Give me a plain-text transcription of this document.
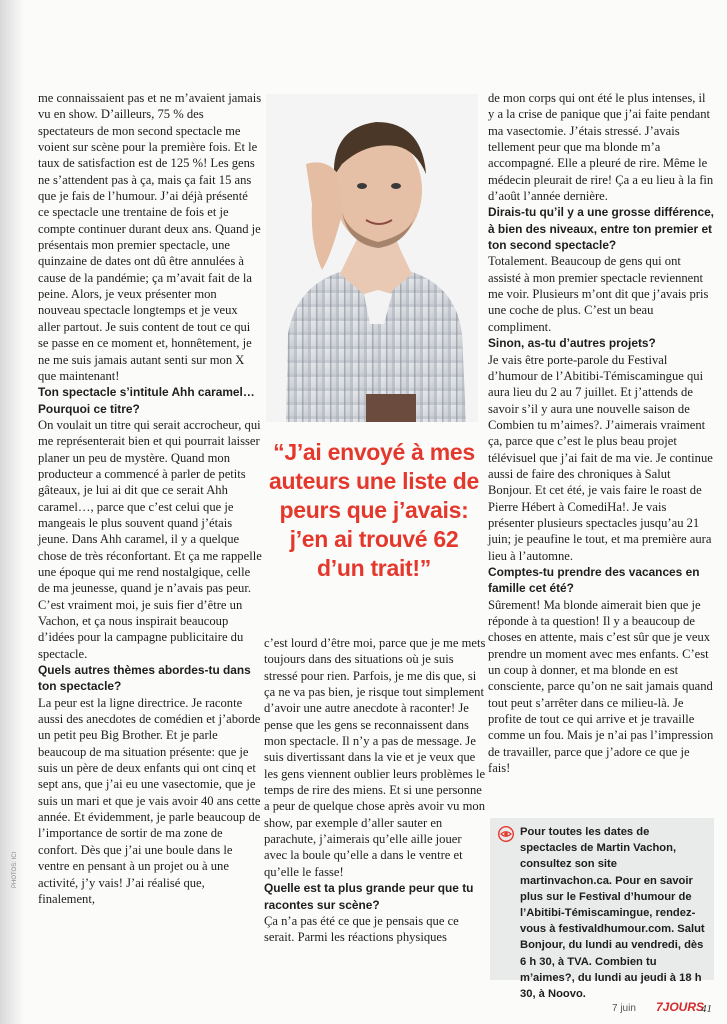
me connaissaient pas et ne m’avaient jamais vu en show. D’ailleurs, 75 % des spectateurs de mon second spectacle me voient sur scène pour la première fois. Et le taux de satisfaction est de 125 %! Les gens ne s’attendent pas à ça, mais ça fait 15 ans que je fais de l’humour. J’ai déjà présenté ce spectacle une trentaine de fois et je compte continuer durant deux ans. Quand je présentais mon premier spectacle, une quinzaine de dates ont dû être annulées à cause de la pandémie; ça m’avait fait de la peine. Alors, je veux présenter mon nouveau spectacle longtemps et je veux aller partout. Je suis content de tout ce qui se passe en ce moment et, honnêtement, je ne me suis jamais autant senti sur mon X que maintenant!

Ton spectacle s’intitule Ahh caramel… Pourquoi ce titre?

On voulait un titre qui serait accrocheur, qui me représenterait bien et qui pourrait laisser planer un peu de mystère. Quand mon producteur a commencé à parler de petits gâteaux, je lui ai dit que ce serait Ahh caramel…, parce que c’est celui que je mangeais le plus souvent quand j’étais jeune. Dans Ahh caramel, il y a quelque chose de très réconfortant. Et ça me rappelle une époque qui me rend nostalgique, celle de ma jeunesse, quand je n’avais pas peur. C’est vraiment moi, je suis fier d’être un Vachon, et ça nous inspirait beaucoup d’idées pour la campagne publicitaire du spectacle.

Quels autres thèmes abordes-tu dans ton spectacle?

La peur est la ligne directrice. Je raconte aussi des anecdotes de comédien et j’aborde un petit peu Big Brother. Et je parle beaucoup de ma situation présente: que je suis un père de deux enfants qui ont cinq et sept ans, que j’ai eu une vasectomie, que je suis un mari et que je vais avoir 40 ans cette année. Et évidemment, je parle beaucoup de l’importance de sortir de ma zone de confort. Dès que j’ai une boule dans le ventre en pensant à un projet ou à une activité, j’y vais! J’ai réalisé que, finalement,

“J’ai envoyé à mes auteurs une liste de peurs que j’avais: j’en ai trouvé 62 d’un trait!”

c’est lourd d’être moi, parce que je me mets toujours dans des situations où je suis stressé pour rien. Parfois, je me dis que, si ça ne va pas bien, je risque tout simplement d’avoir une autre anecdote à raconter! Je pense que les gens se reconnaissent dans mon spectacle. Il n’y a pas de message. Je suis divertissant dans la vie et je veux que les gens viennent oublier leurs problèmes le temps de rire des miens. Et si une personne a peur de quelque chose après avoir vu mon show, par exemple d’aller sauter en parachute, j’aimerais qu’elle aille jouer avec la boule qu’elle a dans le ventre et qu’elle le fasse!

Quelle est ta plus grande peur que tu racontes sur scène?

Ça n’a pas été ce que je pensais que ce serait. Parmi les réactions physiques

de mon corps qui ont été le plus intenses, il y a la crise de panique que j’ai faite pendant ma vasectomie. J’étais stressé. J’avais tellement peur que ma blonde m’a accompagné. Elle a pleuré de rire. Même le médecin pleurait de rire! Ça a eu lieu à la fin d’août l’année dernière.

Dirais-tu qu’il y a une grosse différence, à bien des niveaux, entre ton premier et ton second spectacle?

Totalement. Beaucoup de gens qui ont assisté à mon premier spectacle reviennent me voir. Plusieurs m’ont dit que j’avais pris une coche de plus. C’est un beau compliment.

Sinon, as-tu d’autres projets?

Je vais être porte-parole du Festival d’humour de l’Abitibi-Témiscamingue qui aura lieu du 2 au 7 juillet. Et j’attends de savoir s’il y aura une nouvelle saison de Combien tu m’aimes?. J’aimerais vraiment ça, parce que c’est le plus beau projet télévisuel que j’ai fait de ma vie. Je continue aussi de faire des chroniques à Salut Bonjour. Et cet été, je vais faire le roast de Pierre Hébert à ComediHa!. Je vais présenter plusieurs spectacles jusqu’au 21 juin; je peaufine le tout, et ma première aura lieu à l’automne.

Comptes-tu prendre des vacances en famille cet été?

Sûrement! Ma blonde aimerait bien que je réponde à ta question! Il y a beaucoup de choses en attente, mais c’est sûr que je veux prendre un moment avec mes enfants. C’est un coup à donner, et ma blonde en est consciente, parce qu’on ne sait jamais quand tout peut s’arrêter dans ce milieu-là. Je profite de tout ce qui arrive et je travaille comme un fou. Mais je n’ai pas l’impression de travailler, parce que j’adore ce que je fais!

Pour toutes les dates de spectacles de Martin Vachon, consultez son site martinvachon.ca. Pour en savoir plus sur le Festival d’humour de l’Abitibi-Témiscamingue, rendez-vous à festivaldhumour.com. Salut Bonjour, du lundi au vendredi, dès 6 h 30, à TVA. Combien tu m’aimes?, du lundi au jeudi à 18 h 30, à Noovo.
PHOTOS: ICI
7 juin 7JOURS
41
